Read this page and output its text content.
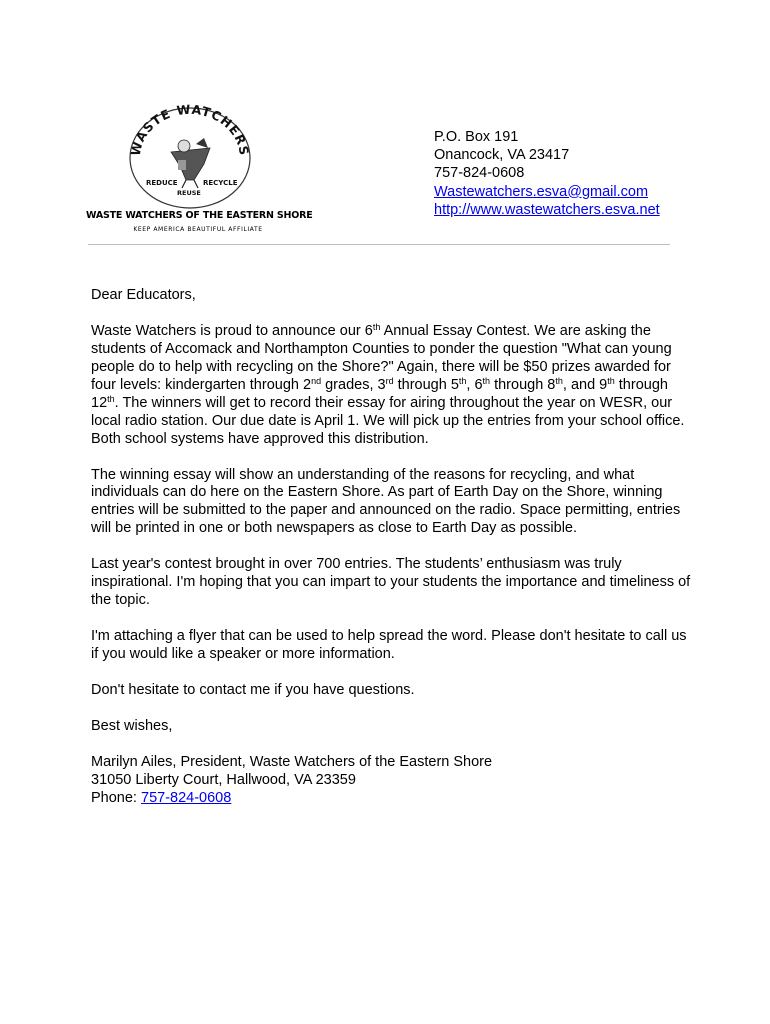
WASTE WATCHERS
REDUCE	RECYCLE
REUSE
WASTE WATCHERS OF THE EASTERN SHORE
KEEP AMERICA BEAUTIFUL AFFILIATE
P.O. Box 191
Onancock, VA 23417
757-824-0608
Wastewatchers.esva@gmail.com
http://www.wastewatchers.esva.net

Dear Educators,

Waste Watchers is proud to announce our 6th Annual Essay Contest. We are asking the students of Accomack and Northampton Counties to ponder the question "What can young people do to help with recycling on the Shore?" Again, there will be $50 prizes awarded for four levels: kindergarten through 2nd grades, 3rd through 5th, 6th through 8th, and 9th through 12th. The winners will get to record their essay for airing throughout the year on WESR, our local radio station. Our due date is April 1. We will pick up the entries from your school office. Both school systems have approved this distribution.

The winning essay will show an understanding of the reasons for recycling, and what individuals can do here on the Eastern Shore. As part of Earth Day on the Shore, winning entries will be submitted to the paper and announced on the radio. Space permitting, entries will be printed in one or both newspapers as close to Earth Day as possible.

Last year's contest brought in over 700 entries. The students’ enthusiasm was truly inspirational. I'm hoping that you can impart to your students the importance and timeliness of the topic.

I'm attaching a flyer that can be used to help spread the word. Please don't hesitate to call us if you would like a speaker or more information.

Don't hesitate to contact me if you have questions.

Best wishes,

Marilyn Ailes, President, Waste Watchers of the Eastern Shore

31050 Liberty Court, Hallwood, VA 23359

Phone: 757-824-0608
